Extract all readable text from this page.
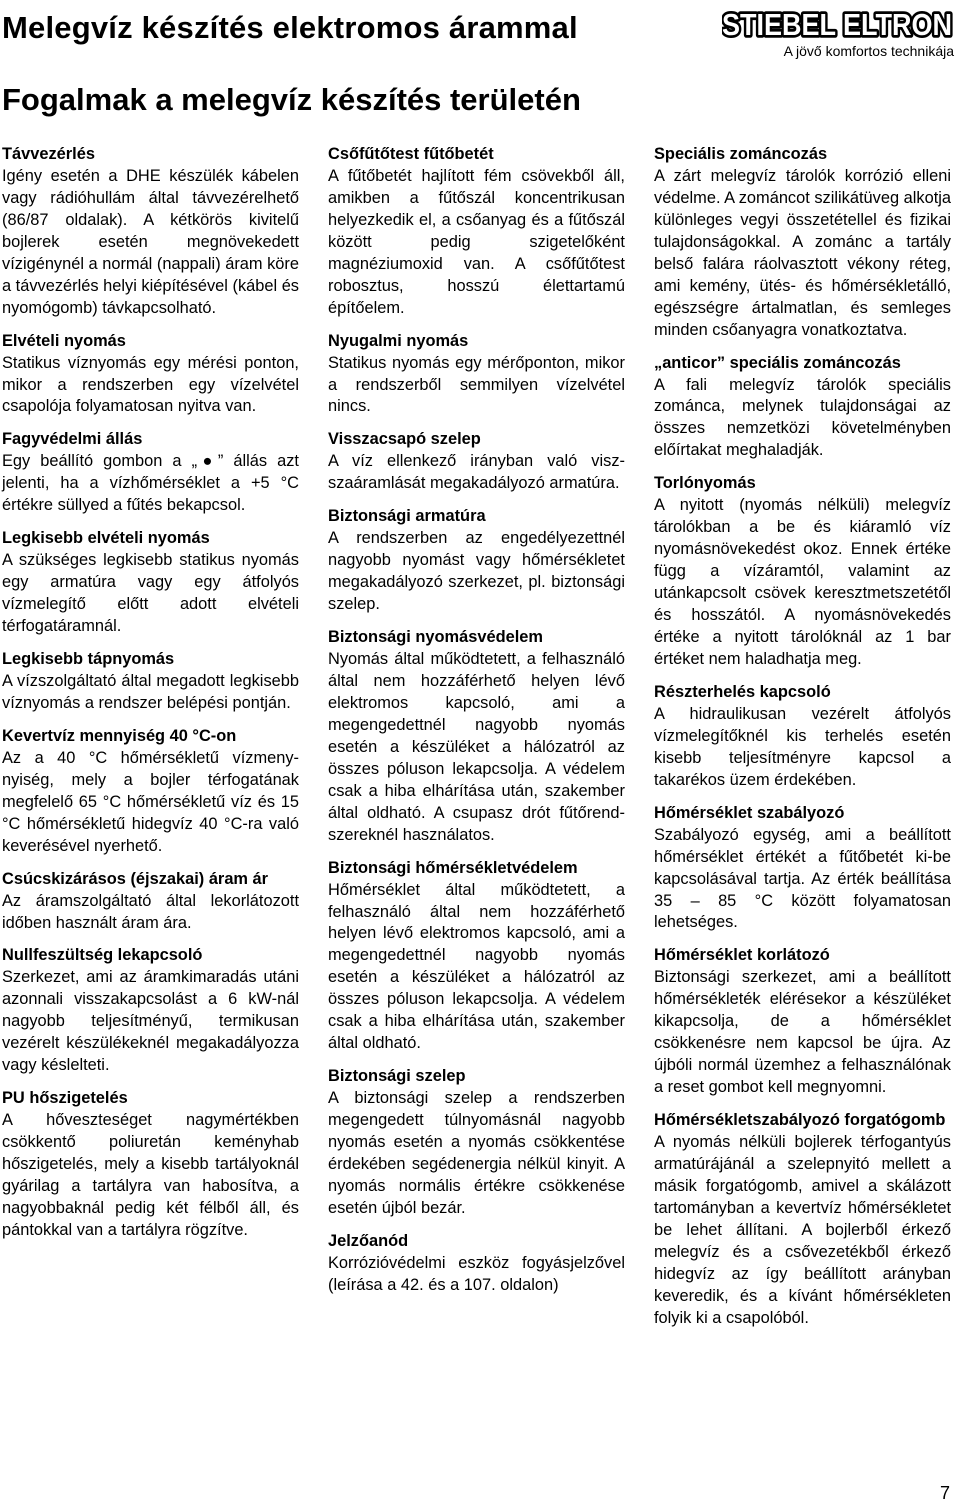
Melegvíz készítés elektromos árammal	STIEBEL ELTRON
STIEBEL ELTRON
A jövő komfortos technikája
Fogalmak a melegvíz készítés területén
Távvezérlés

Igény esetén a DHE készülék kábelen vagy rádióhullám által távvezérelhető (86/87 oldalak). A kétkörös kivitelű bojlerek esetén megnövekedett vízigénynél a normál (nappali) áram köre a távvezérlés helyi kiépítésével (kábel és nyomógomb) távkapcsolható.

Elvételi nyomás

Statikus víznyomás egy mérési ponton, mikor a rendszerben egy vízelvétel csapolója folyamatosan nyitva van.

Fagyvédelmi állás

Egy beállító gombon a „●” állás azt jelenti, ha a vízhőmérséklet a +5 °C értékre süllyed a fűtés bekapcsol.

Legkisebb elvételi nyomás

A szükséges legkisebb statikus nyomás egy armatúra vagy egy átfolyós vízmelegítő előtt adott elvételi térfogatáramnál.

Legkisebb tápnyomás

A vízszolgáltató által megadott legkisebb víznyomás a rendszer belépési pontján.

Kevertvíz mennyiség 40 °C-on

Az a 40 °C hőmérsékletű vízmenynyiség, mely a bojler térfogatának megfelelő 65 °C hőmérsékletű víz és 15 °C hőmérsékletű hidegvíz 40 °C-ra való keverésével nyerhető.

Csúcskizárásos (éjszakai) áram ár

Az áramszolgáltató által lekorlátozott időben használt áram ára.

Nullfeszültség lekapcsoló

Szerkezet, ami az áramkimaradás utáni azonnali visszakapcsolást a 6 kW-nál nagyobb teljesítményű, termikusan vezérelt készülékeknél megakadályozza vagy késlelteti.

PU hőszigetelés

A hőveszteséget nagymértékben csökkentő poliuretán keményhab hőszigetelés, mely a kisebb tartályoknál gyárilag a tartályra van habosítva, a nagyobbaknál pedig két félből áll, és pántokkal van a tartályra rögzítve.

Csőfűtőtest fűtőbetét

A fűtőbetét hajlított fém csövekből áll, amikben a fűtőszál koncentrikusan helyezkedik el, a csőanyag és a fűtőszál között pedig szigetelőként magnéziumoxid van. A csőfűtőtest robosztus, hosszú élettartamú építőelem.

Nyugalmi nyomás

Statikus nyomás egy mérőponton, mikor a rendszerből semmilyen vízelvétel nincs.

Visszacsapó szelep

A víz ellenkező irányban való viszszaáramlását megakadályozó armatúra.

Biztonsági armatúra

A rendszerben az engedélyezettnél nagyobb nyomást vagy hőmérsékletet megakadályozó szerkezet, pl. biztonsági szelep.

Biztonsági nyomásvédelem

Nyomás által működtetett, a felhasználó által nem hozzáférhető helyen lévő elektromos kapcsoló, ami a megengedettnél nagyobb nyomás esetén a készüléket a hálózatról az összes póluson lekapcsolja. A védelem csak a hiba elhárítása után, szakember által oldható. A csupasz drót fűtőrendszereknél használatos.

Biztonsági hőmérsékletvédelem

Hőmérséklet által működtetett, a felhasználó által nem hozzáférhető helyen lévő elektromos kapcsoló, ami a megengedettnél nagyobb nyomás esetén a készüléket a hálózatról az összes póluson lekapcsolja. A védelem csak a hiba elhárítása után, szakember által oldható.

Biztonsági szelep

A biztonsági szelep a rendszerben megengedett túlnyomásnál nagyobb nyomás esetén a nyomás csökkentése érdekében segédenergia nélkül kinyit. A nyomás normális értékre csökkenése esetén újból bezár.

Jelzőanód

Korrózióvédelmi eszköz fogyásjelzővel (leírása a 42. és a 107. oldalon)

Speciális zománcozás

A zárt melegvíz tárolók korrózió elleni védelme. A zománcot szilikátüveg alkotja különleges vegyi összetétellel és fizikai tulajdonságokkal. A zománc a tartály belső falára ráolvasztott vékony réteg, ami kemény, ütés- és hőmérsékletálló, egészségre ártalmatlan, és semleges minden csőanyagra vonatkoztatva.

„anticor” speciális zománcozás

A fali melegvíz tárolók speciális zománca, melynek tulajdonságai az összes nemzetközi követelményben előírtakat meghaladják.

Torlónyomás

A nyitott (nyomás nélküli) melegvíz tárolókban a be és kiáramló víz nyomásnövekedést okoz. Ennek értéke függ a vízáramtól, valamint az utánkapcsolt csövek keresztmetszetétől és hosszától. A nyomásnövekedés értéke a nyitott tárolóknál az 1 bar értéket nem haladhatja meg.

Részterhelés kapcsoló

A hidraulikusan vezérelt átfolyós vízmelegítőknél kis terhelés esetén kisebb teljesítményre kapcsol a takarékos üzem érdekében.

Hőmérséklet szabályozó

Szabályozó egység, ami a beállított hőmérséklet értékét a fűtőbetét ki-be kapcsolásával tartja. Az érték beállítása 35 – 85 °C között folyamatosan lehetséges.

Hőmérséklet korlátozó

Biztonsági szerkezet, ami a beállított hőmérsékleték elérésekor a készüléket kikapcsolja, de a hőmérséklet csökkenésre nem kapcsol be újra. Az újbóli normál üzemhez a felhasználónak a reset gombot kell megnyomni.

Hőmérsékletszabályozó forgatógomb

A nyomás nélküli bojlerek térfogantyús armatúrájánál a szelepnyitó mellett a másik forgatógomb, amivel a skálázott tartományban a kevertvíz hőmérsékletet be lehet állítani. A bojlerből érkező melegvíz és a csővezetékből érkező hidegvíz az így beállított arányban keveredik, és a kívánt hőmérsékleten folyik ki a csapolóból.

7
